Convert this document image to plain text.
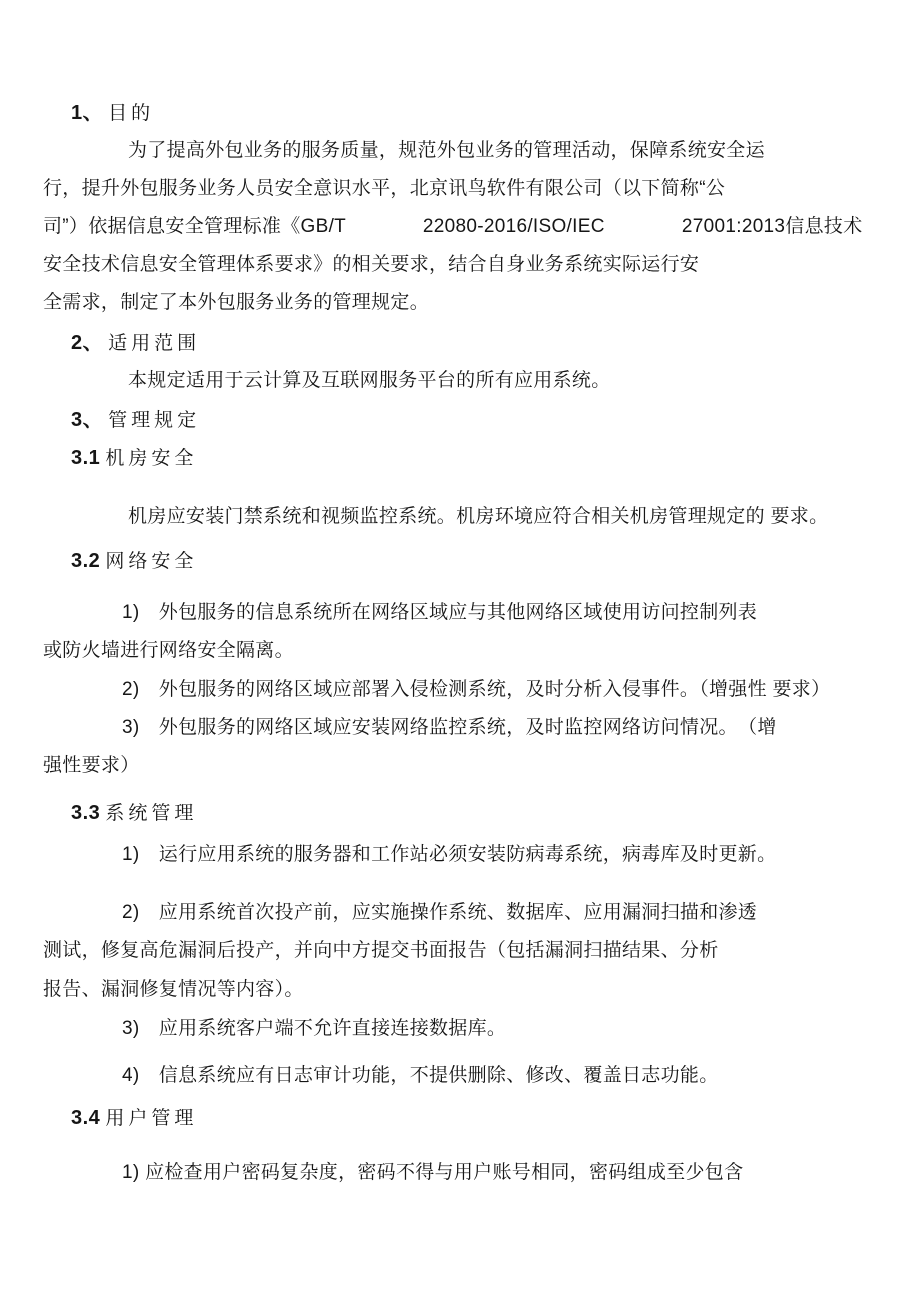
1、 目的
为了提高外包业务的服务质量，规范外包业务的管理活动，保障系统安全运
行，提升外包服务业务人员安全意识水平，北京讯鸟软件有限公司（以下简称“公
司”）依据信息安全管理标准《GB/T　　　　22080-2016/ISO/IEC　　　　27001:2013信息技术
安全技术信息安全管理体系要求》的相关要求，结合自身业务系统实际运行安
全需求，制定了本外包服务业务的管理规定。
2、 适用范围
本规定适用于云计算及互联网服务平台的所有应用系统。
3、 管理规定
3.1 机房安全
机房应安装门禁系统和视频监控系统。机房环境应符合相关机房管理规定的 要求。
3.2 网络安全
1)　外包服务的信息系统所在网络区域应与其他网络区域使用访问控制列表
或防火墙进行网络安全隔离。
2)　外包服务的网络区域应部署入侵检测系统，及时分析入侵事件。（增强性 要求）
3)　外包服务的网络区域应安装网络监控系统，及时监控网络访问情况。　（增
强性要求）
3.3 系统管理
1)　运行应用系统的服务器和工作站必须安装防病毒系统，病毒库及时更新。
2)　应用系统首次投产前，应实施操作系统、数据库、应用漏洞扫描和渗透
测试，修复高危漏洞后投产，并向中方提交书面报告（包括漏洞扫描结果、分析
报告、漏洞修复情况等内容）。
3)　应用系统客户端不允许直接连接数据库。
4)　信息系统应有日志审计功能，不提供删除、修改、覆盖日志功能。
3.4 用户管理
1) 应检查用户密码复杂度，密码不得与用户账号相同，密码组成至少包含
